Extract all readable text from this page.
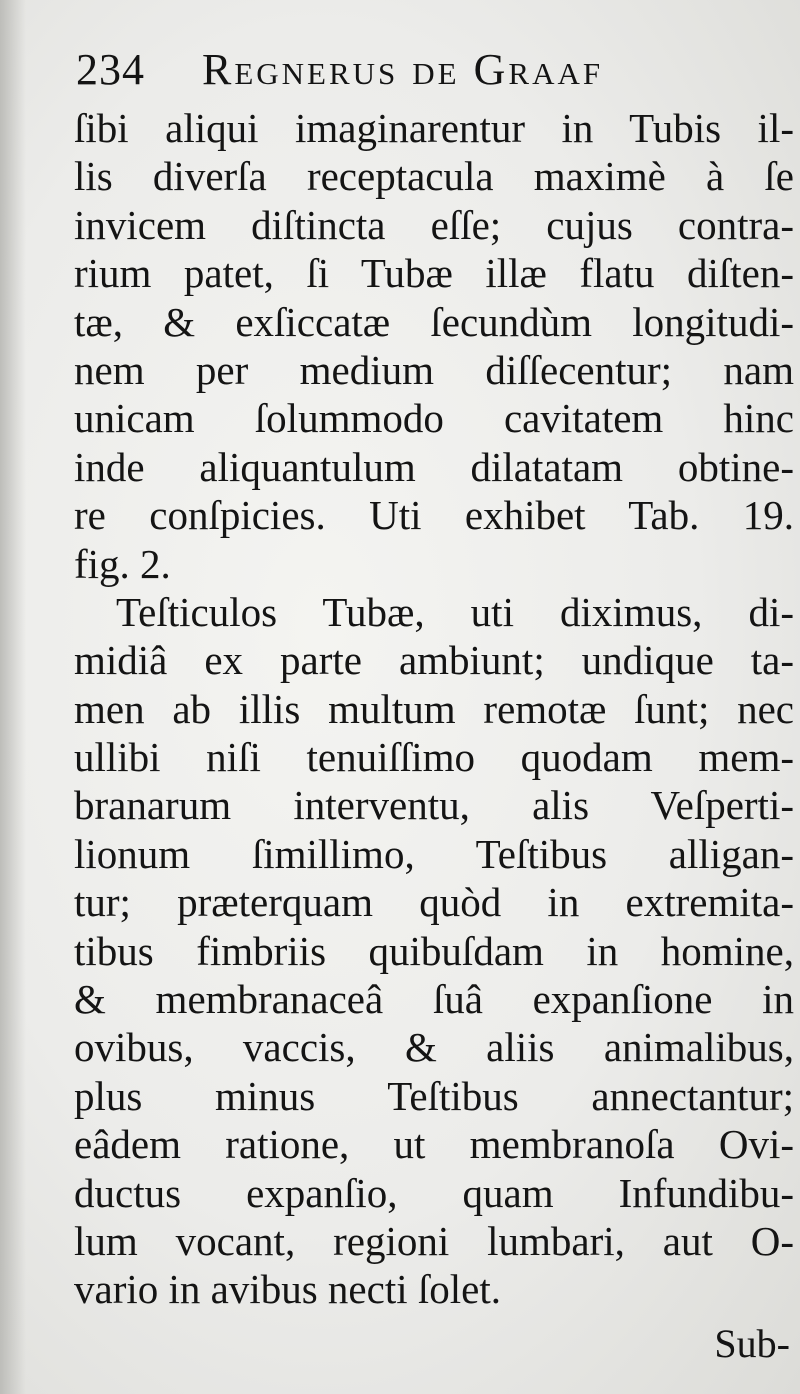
234 Regnerus de Graaf
ſibi aliqui imaginarentur in Tubis il-
lis diverſa receptacula maximè à ſe
invicem diſtincta eſſe; cujus contra-
rium patet, ſi Tubæ illæ flatu diſten-
tæ, & exſiccatæ ſecundùm longitudi-
nem per medium diſſecentur; nam
unicam ſolummodo cavitatem hinc
inde aliquantulum dilatatam obtine-
re conſpicies. Uti exhibet Tab. 19.
fig. 2.
Teſticulos Tubæ, uti diximus, di-
midiâ ex parte ambiunt; undique ta-
men ab illis multum remotæ ſunt; nec
ullibi niſi tenuiſſimo quodam mem-
branarum interventu, alis Veſperti-
lionum ſimillimo, Teſtibus alligan-
tur; præterquam quòd in extremita-
tibus fimbriis quibuſdam in homine,
& membranaceâ ſuâ expanſione in
ovibus, vaccis, & aliis animalibus,
plus minus Teſtibus annectantur;
eâdem ratione, ut membranoſa Ovi-
ductus expanſio, quam Infundibu-
lum vocant, regioni lumbari, aut O-
vario in avibus necti ſolet.
Sub-
